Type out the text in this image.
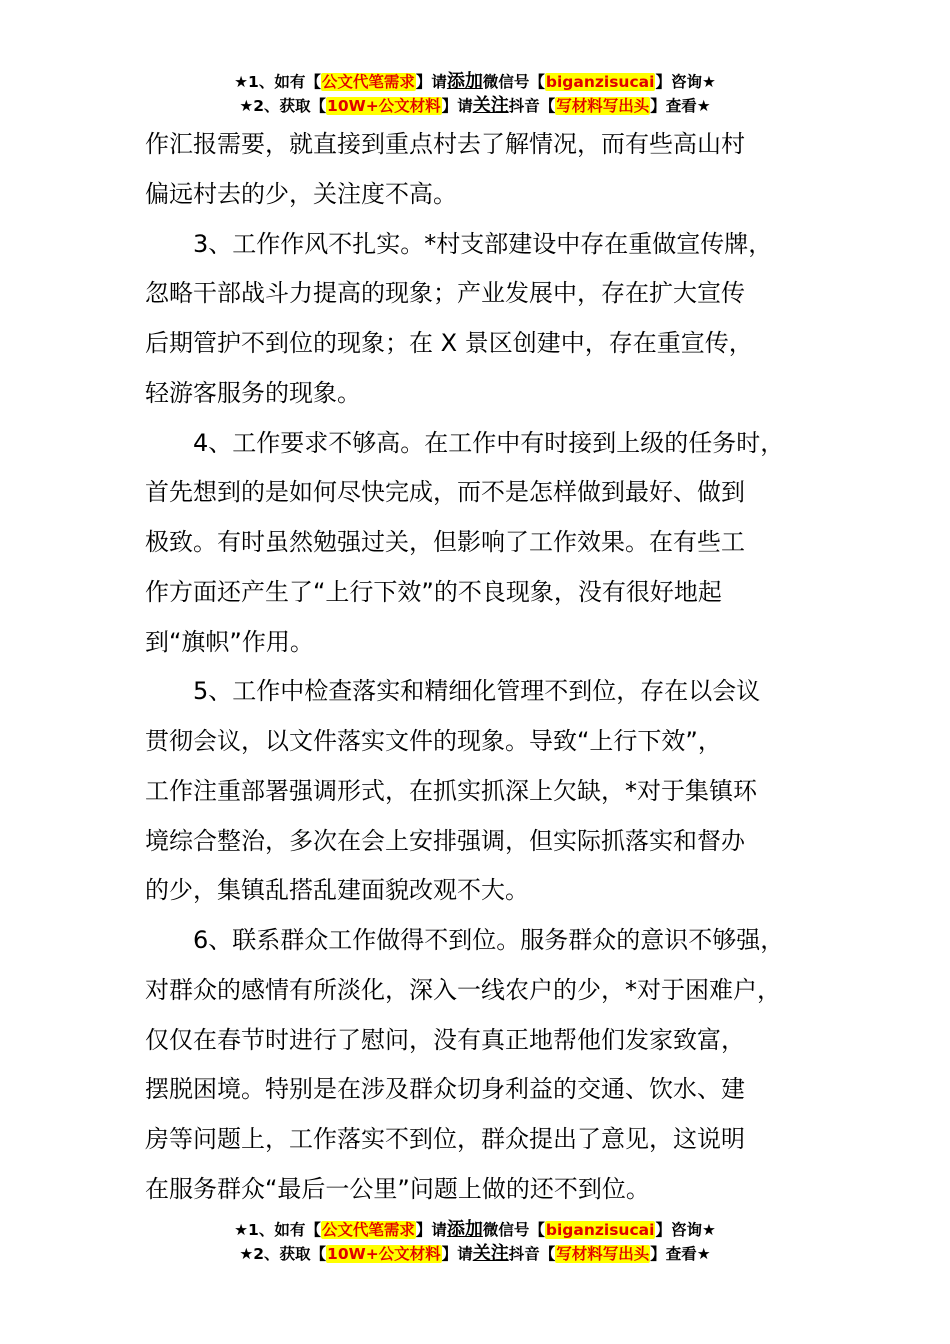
★1、如有【公文代笔需求】请添加微信号【biganzisucai】咨询★
★2、获取【10W+公文材料】请关注抖音【写材料写出头】查看★
作汇报需要，就直接到重点村去了解情况，而有些高山村
偏远村去的少，关注度不高。
3、工作作风不扎实。*村支部建设中存在重做宣传牌，
忽略干部战斗力提高的现象；产业发展中，存在扩大宣传
后期管护不到位的现象；在 X 景区创建中，存在重宣传，
轻游客服务的现象。
4、工作要求不够高。在工作中有时接到上级的任务时，
首先想到的是如何尽快完成，而不是怎样做到最好、做到
极致。有时虽然勉强过关，但影响了工作效果。在有些工
作方面还产生了“上行下效”的不良现象，没有很好地起
到“旗帜”作用。
5、工作中检查落实和精细化管理不到位，存在以会议
贯彻会议，以文件落实文件的现象。导致“上行下效”，
工作注重部署强调形式，在抓实抓深上欠缺，*对于集镇环
境综合整治，多次在会上安排强调，但实际抓落实和督办
的少，集镇乱搭乱建面貌改观不大。
6、联系群众工作做得不到位。服务群众的意识不够强，
对群众的感情有所淡化，深入一线农户的少，*对于困难户，
仅仅在春节时进行了慰问，没有真正地帮他们发家致富，
摆脱困境。特别是在涉及群众切身利益的交通、饮水、建
房等问题上，工作落实不到位，群众提出了意见，这说明
在服务群众“最后一公里”问题上做的还不到位。
★1、如有【公文代笔需求】请添加微信号【biganzisucai】咨询★
★2、获取【10W+公文材料】请关注抖音【写材料写出头】查看★
